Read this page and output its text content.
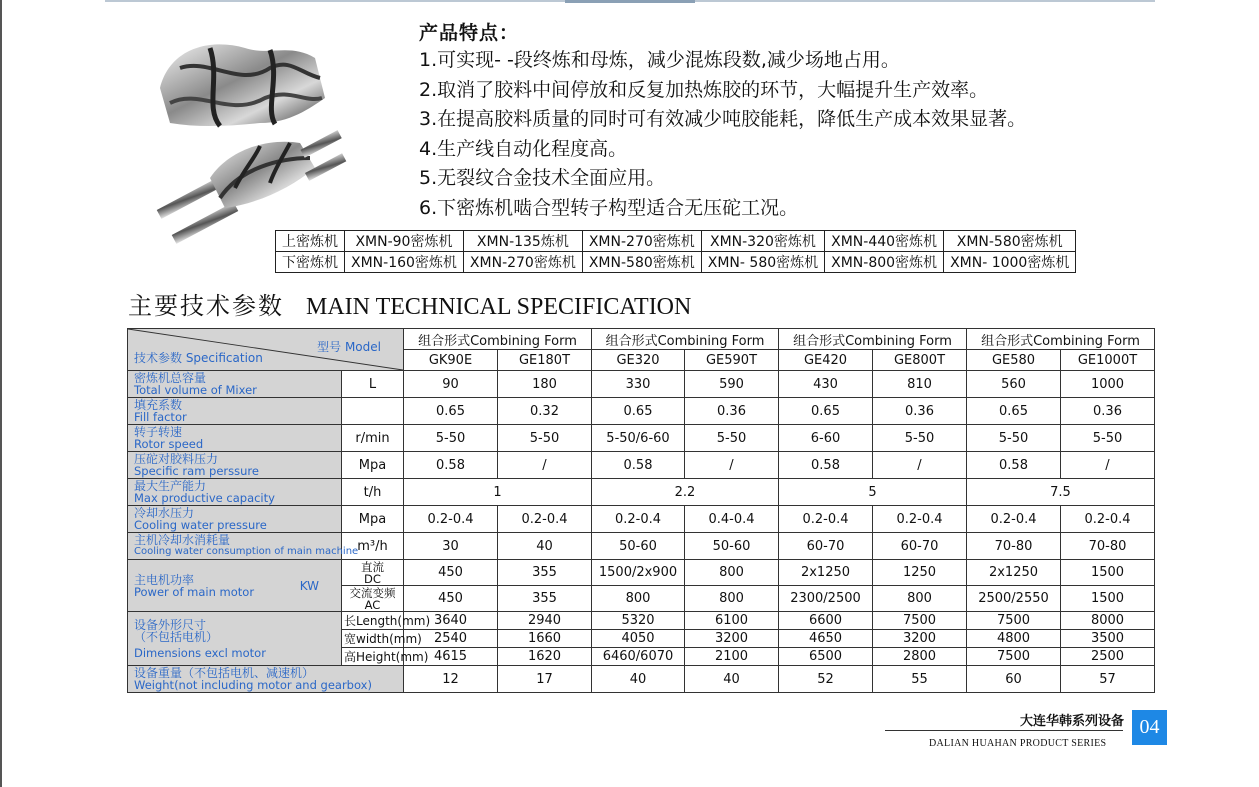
产品特点：
1.可实现- -段终炼和母炼，减少混炼段数,减少场地占用。
2.取消了胶料中间停放和反复加热炼胶的环节，大幅提升生产效率。
3.在提高胶料质量的同时可有效减少吨胶能耗，降低生产成本效果显著。
4.生产线自动化程度高。
5.无裂纹合金技术全面应用。
6.下密炼机啮合型转子构型适合无压砣工况。
上密炼机	XMN-90密炼机	XMN-135炼机	XMN-270密炼机	XMN-320密炼机	XMN-440密炼机	XMN-580密炼机
下密炼机	XMN-160密炼机	XMN-270密炼机	XMN-580密炼机	XMN- 580密炼机	XMN-800密炼机	XMN- 1000密炼机
主要技术参数 MAIN TECHNICAL SPECIFICATION
型号 Model
技术参数 Specification		组合形式Combining Form		组合形式Combining Form		组合形式Combining Form		组合形式Combining Form	
		GK90E	GE180T	GE320	GE590T	GE420	GE800T	GE580	GE1000T
密炼机总容量
Total volume of Mixer	L	90	180	330	590	430	810	560	1000
填充系数
Fill factor		0.65	0.32	0.65	0.36	0.65	0.36	0.65	0.36
转子转速
Rotor speed	r/min	5-50	5-50	5-50/6-60	5-50	6-60	5-50	5-50	5-50
压砣对胶料压力
Specific ram perssure	Mpa	0.58	/	0.58	/	0.58	/	0.58	/
最大生产能力
Max productive capacity	t/h	1		2.2		5		7.5	
冷却水压力
Cooling water pressure	Mpa	0.2-0.4	0.2-0.4	0.2-0.4	0.4-0.4	0.2-0.4	0.2-0.4	0.2-0.4	0.2-0.4
主机冷却水消耗量
Cooling water consumption of main machine	m³/h	30	40	50-60	50-60	60-70	60-70	70-80	70-80
主电机功率
Power of main motor KW	直流
DC	450	355	1500/2x900	800	2x1250	1250	2x1250	1500
	交流变频
AC	450	355	800	800	2300/2500	800	2500/2550	1500
设备外形尺寸
（不包括电机）
Dimensions excl motor	长Length(mm)	3640	2940	5320	6100	6600	7500	7500	8000
	宽width(mm)	2540	1660	4050	3200	4650	3200	4800	3500
	高Height(mm)	4615	1620	6460/6070	2100	6500	2800	7500	2500
设备重量（不包括电机、减速机）
Weight(not including motor and gearbox)		12	17	40	40	52	55	60	57
大连华韩系列设备
DALIAN HUAHAN PRODUCT SERIES
04
